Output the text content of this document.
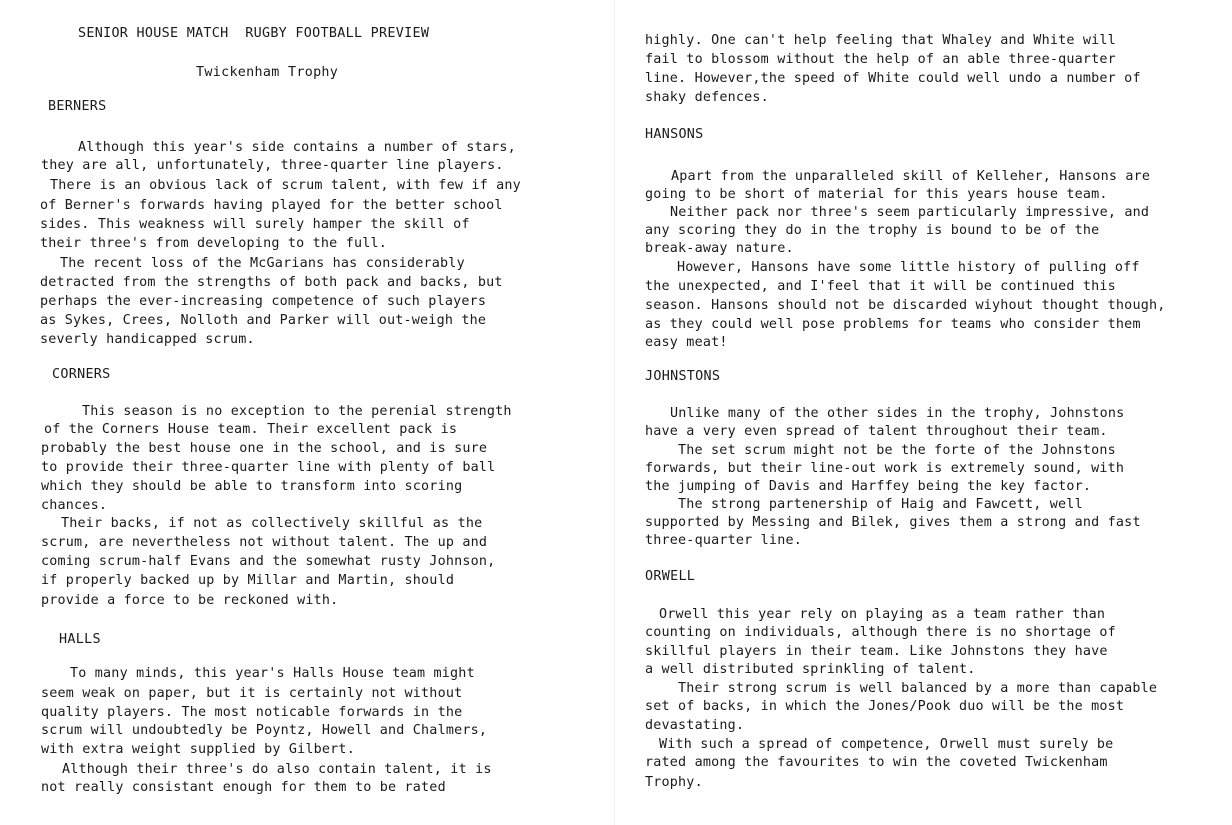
SENIOR HOUSE MATCH  RUGBY FOOTBALL PREVIEW
Twickenham Trophy
BERNERS
Although this year's side contains a number of stars,
they are all, unfortunately, three-quarter line players.
There is an obvious lack of scrum talent, with few if any
of Berner's forwards having played for the better school
sides. This weakness will surely hamper the skill of
their three's from developing to the full.
The recent loss of the McGarians has considerably
detracted from the strengths of both pack and backs, but
perhaps the ever-increasing competence of such players
as Sykes, Crees, Nolloth and Parker will out-weigh the
severly handicapped scrum.
CORNERS
This season is no exception to the perenial strength
of the Corners House team. Their excellent pack is
probably the best house one in the school, and is sure
to provide their three-quarter line with plenty of ball
which they should be able to transform into scoring
chances.
Their backs, if not as collectively skillful as the
scrum, are nevertheless not without talent. The up and
coming scrum-half Evans and the somewhat rusty Johnson,
if properly backed up by Millar and Martin, should
provide a force to be reckoned with.
HALLS
To many minds, this year's Halls House team might
seem weak on paper, but it is certainly not without
quality players. The most noticable forwards in the
scrum will undoubtedly be Poyntz, Howell and Chalmers,
with extra weight supplied by Gilbert.
Although their three's do also contain talent, it is
not really consistant enough for them to be rated
highly. One can't help feeling that Whaley and White will
fail to blossom without the help of an able three-quarter
line. However,the speed of White could well undo a number of
shaky defences.
HANSONS
Apart from the unparalleled skill of Kelleher, Hansons are
going to be short of material for this years house team.
Neither pack nor three's seem particularly impressive, and
any scoring they do in the trophy is bound to be of the
break-away nature.
However, Hansons have some little history of pulling off
the unexpected, and I'feel that it will be continued this
season. Hansons should not be discarded wiyhout thought though,
as they could well pose problems for teams who consider them
easy meat!
JOHNSTONS
Unlike many of the other sides in the trophy, Johnstons
have a very even spread of talent throughout their team.
The set scrum might not be the forte of the Johnstons
forwards, but their line-out work is extremely sound, with
the jumping of Davis and Harffey being the key factor.
The strong partenership of Haig and Fawcett, well
supported by Messing and Bilek, gives them a strong and fast
three-quarter line.
ORWELL
Orwell this year rely on playing as a team rather than
counting on individuals, although there is no shortage of
skillful players in their team. Like Johnstons they have
a well distributed sprinkling of talent.
Their strong scrum is well balanced by a more than capable
set of backs, in which the Jones/Pook duo will be the most
devastating.
With such a spread of competence, Orwell must surely be
rated among the favourites to win the coveted Twickenham
Trophy.
